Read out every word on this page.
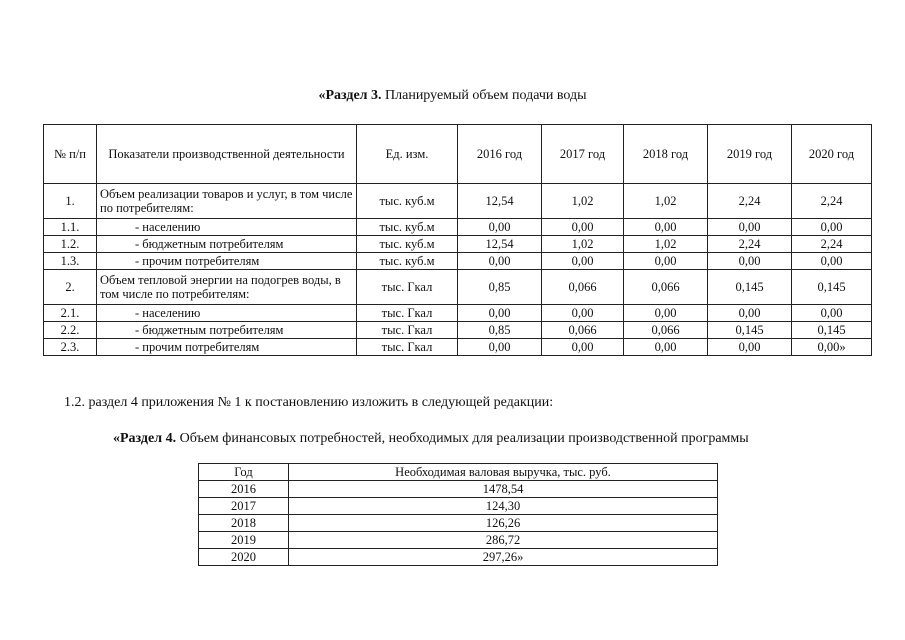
«Раздел 3. Планируемый объем подачи воды
№ п/п	Показатели производственной деятельности	Ед. изм.	2016 год	2017 год	2018 год	2019 год	2020 год
1.	Объем реализации товаров и услуг, в том числе по потребителям:	тыс. куб.м	12,54	1,02	1,02	2,24	2,24
1.1.	- населению	тыс. куб.м	0,00	0,00	0,00	0,00	0,00
1.2.	- бюджетным потребителям	тыс. куб.м	12,54	1,02	1,02	2,24	2,24
1.3.	- прочим потребителям	тыс. куб.м	0,00	0,00	0,00	0,00	0,00
2.	Объем тепловой энергии на подогрев воды, в том числе по потребителям:	тыс. Гкал	0,85	0,066	0,066	0,145	0,145
2.1.	- населению	тыс. Гкал	0,00	0,00	0,00	0,00	0,00
2.2.	- бюджетным потребителям	тыс. Гкал	0,85	0,066	0,066	0,145	0,145
2.3.	- прочим потребителям	тыс. Гкал	0,00	0,00	0,00	0,00	0,00»
1.2. раздел 4 приложения № 1 к постановлению изложить в следующей редакции:
«Раздел 4. Объем финансовых потребностей, необходимых для реализации производственной программы
Год	Необходимая валовая выручка, тыс. руб.
2016	1478,54
2017	124,30
2018	126,26
2019	286,72
2020	297,26»
